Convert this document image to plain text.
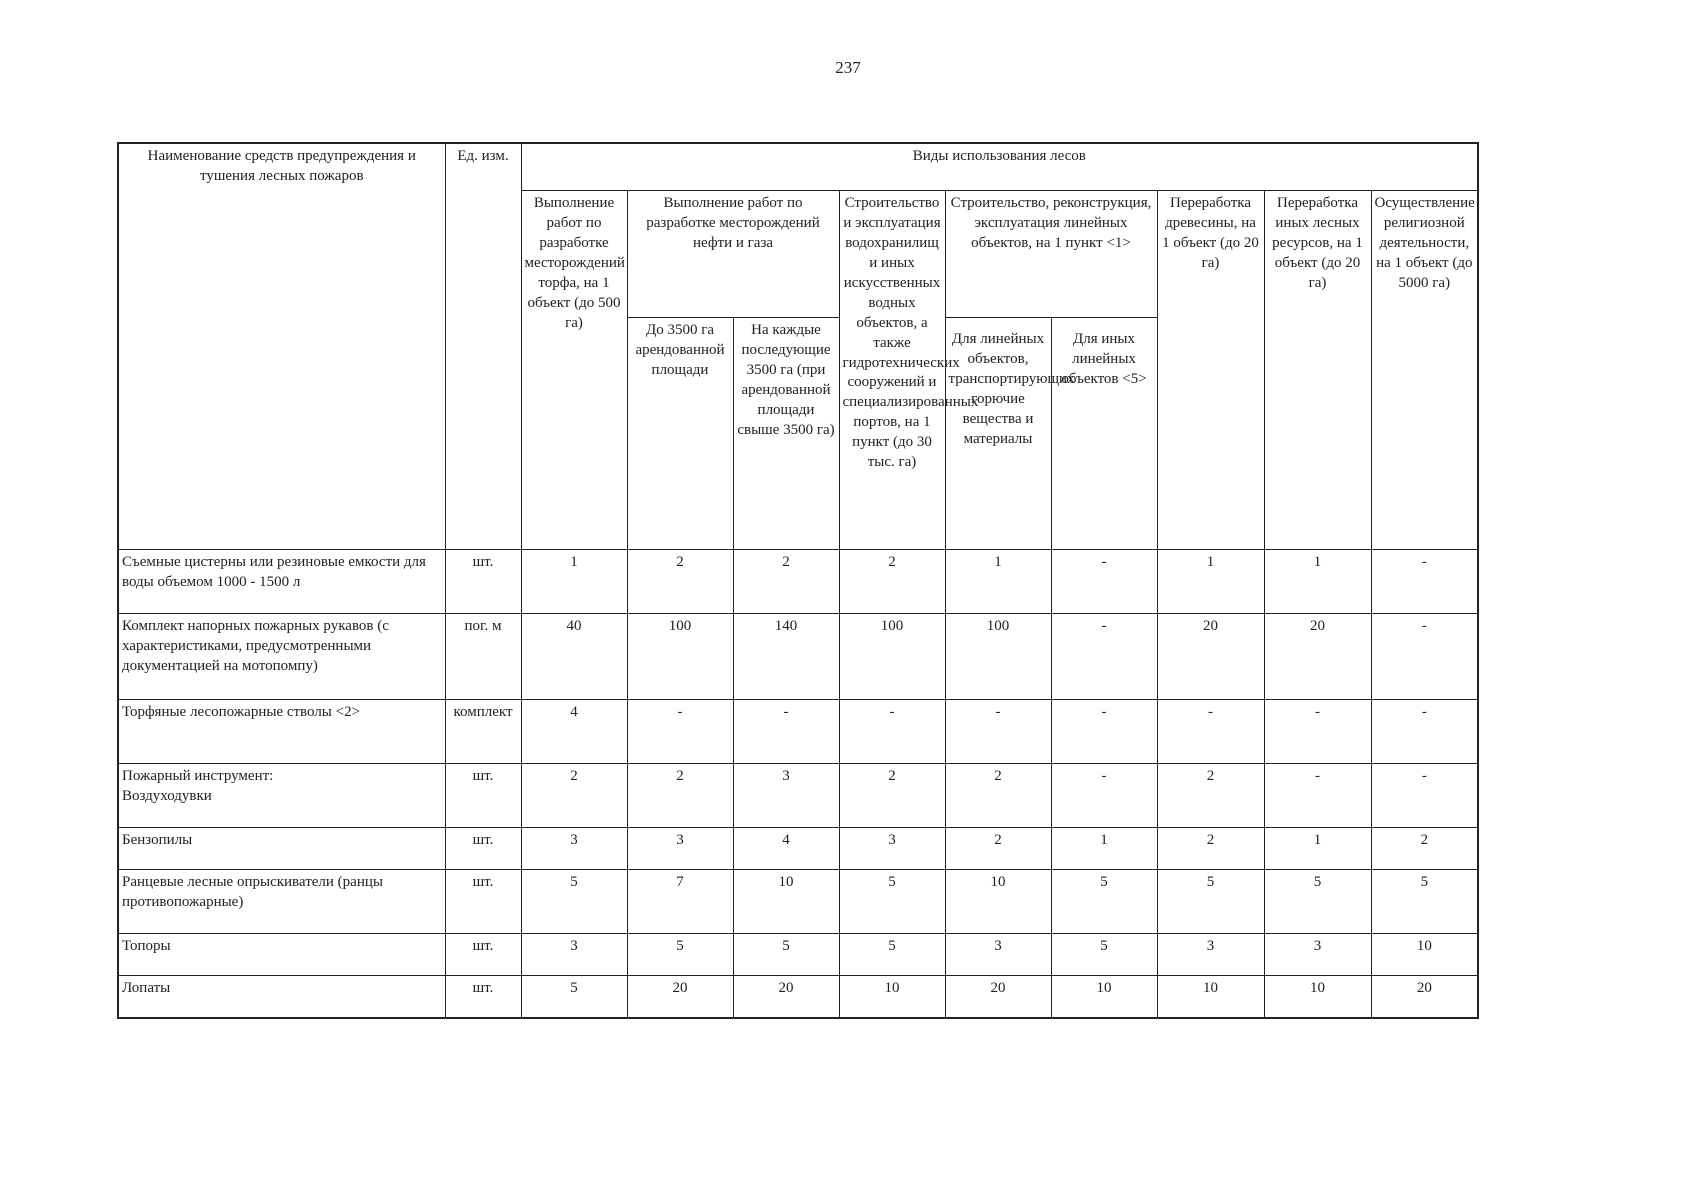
237
Наименование средств предупреждения и тушения лесных пожаров	Ед. изм.	Виды использования лесов								
		Выполнение работ по разработке месторождений торфа, на 1 объект (до 500 га)	Выполнение работ по разработке месторождений нефти и газа		Строительство и эксплуатация водохранилищ и иных искусственных водных объектов, а также гидротехнических сооружений и специализированных портов, на 1 пункт (до 30 тыс. га)	Строительство, реконструкция, эксплуатация линейных объектов, на 1 пункт <1>		Переработка древесины, на 1 объект (до 20 га)	Переработка иных лесных ресурсов, на 1 объект (до 20 га)	Осуществление религиозной деятельности, на 1 объект (до 5000 га)
			До 3500 га арендованной площади	На каждые последующие 3500 га (при арендованной площади свыше 3500 га)		Для линейных объектов, транспортирующих горючие вещества и материалы	Для иных линейных объектов <5>			
Съемные цистерны или резиновые емкости для воды объемом 1000 - 1500 л	шт.	1	2	2	2	1	-	1	1	-
Комплект напорных пожарных рукавов (с характеристиками, предусмотренными документацией на мотопомпу)	пог. м	40	100	140	100	100	-	20	20	-
Торфяные лесопожарные стволы <2>	комплект	4	-	-	-	-	-	-	-	-
Пожарный инструмент:
Воздуходувки	шт.	2	2	3	2	2	-	2	-	-
Бензопилы	шт.	3	3	4	3	2	1	2	1	2
Ранцевые лесные опрыскиватели (ранцы противопожарные)	шт.	5	7	10	5	10	5	5	5	5
Топоры	шт.	3	5	5	5	3	5	3	3	10
Лопаты	шт.	5	20	20	10	20	10	10	10	20
